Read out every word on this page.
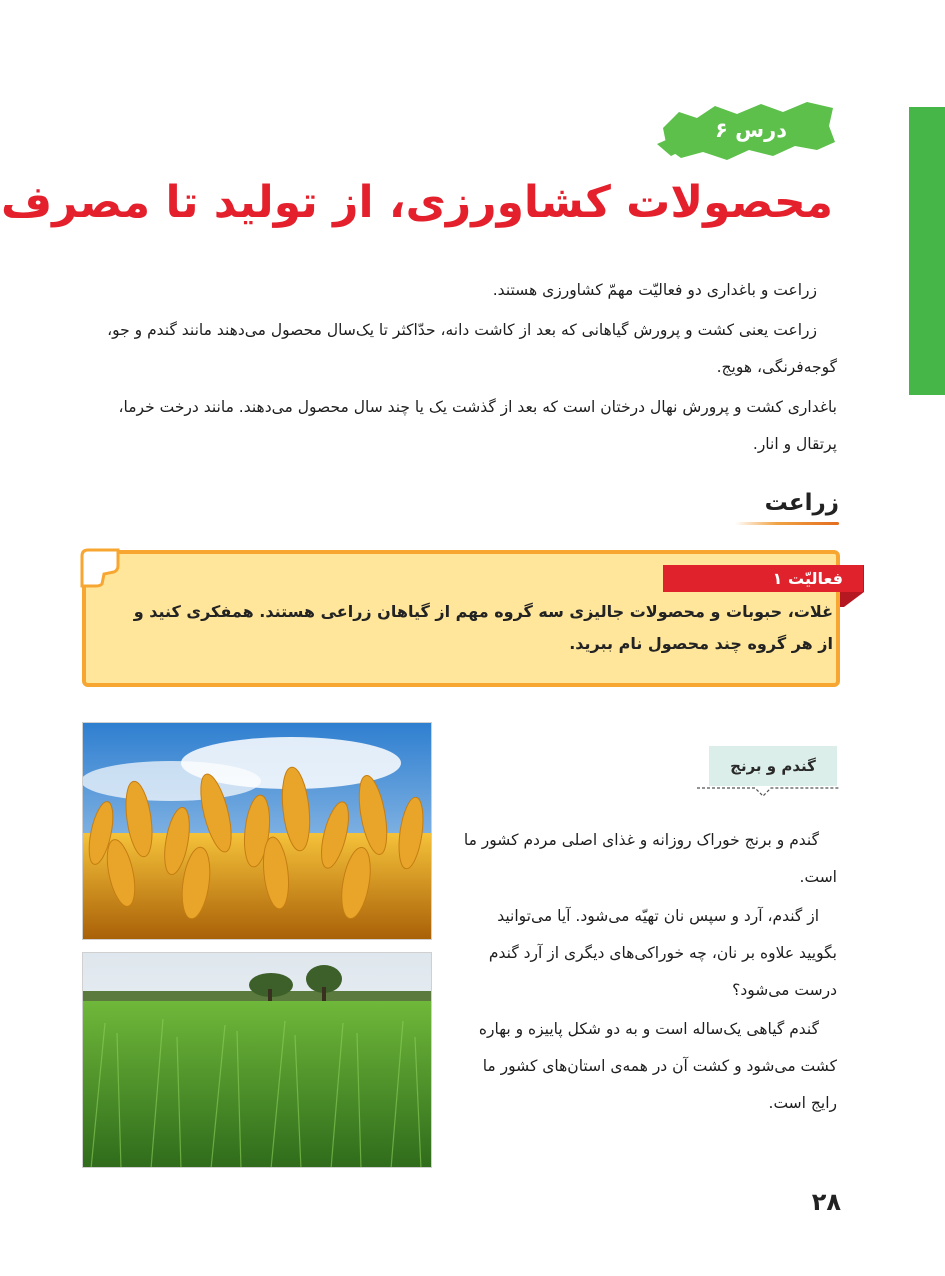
درس ۶
محصولات کشاورزی، از تولید تا مصرف

زراعت و باغداری دو فعالیّت مهمّ کشاورزی هستند.

زراعت یعنی کشت و پرورش گیاهانی که بعد از کاشت دانه، حدّاکثر تا یک‌سال محصول می‌دهند مانند گندم و جو، گوجه‌فرنگی، هویج.

باغداری کشت و پرورش نهال درختان است که بعد از گذشت یک یا چند سال محصول می‌دهند. مانند درخت خرما، پرتقال و انار.

زراعت
فعالیّت ۱

غلات، حبوبات و محصولات جالیزی سه گروه مهم از گیاهان زراعی هستند. همفکری کنید و از هر گروه چند محصول نام ببرید.

گندم و برنج

گندم و برنج خوراک روزانه و غذای اصلی مردم کشور ما است.

از گندم، آرد و سپس نان تهیّه می‌شود. آیا می‌توانید بگویید علاوه بر نان، چه خوراکی‌های دیگری از آرد گندم درست می‌شود؟

گندم گیاهی یک‌ساله است و به دو شکل پاییزه و بهاره کشت می‌شود و کشت آن در همه‌ی استان‌های کشور ما رایج است.

۲۸
